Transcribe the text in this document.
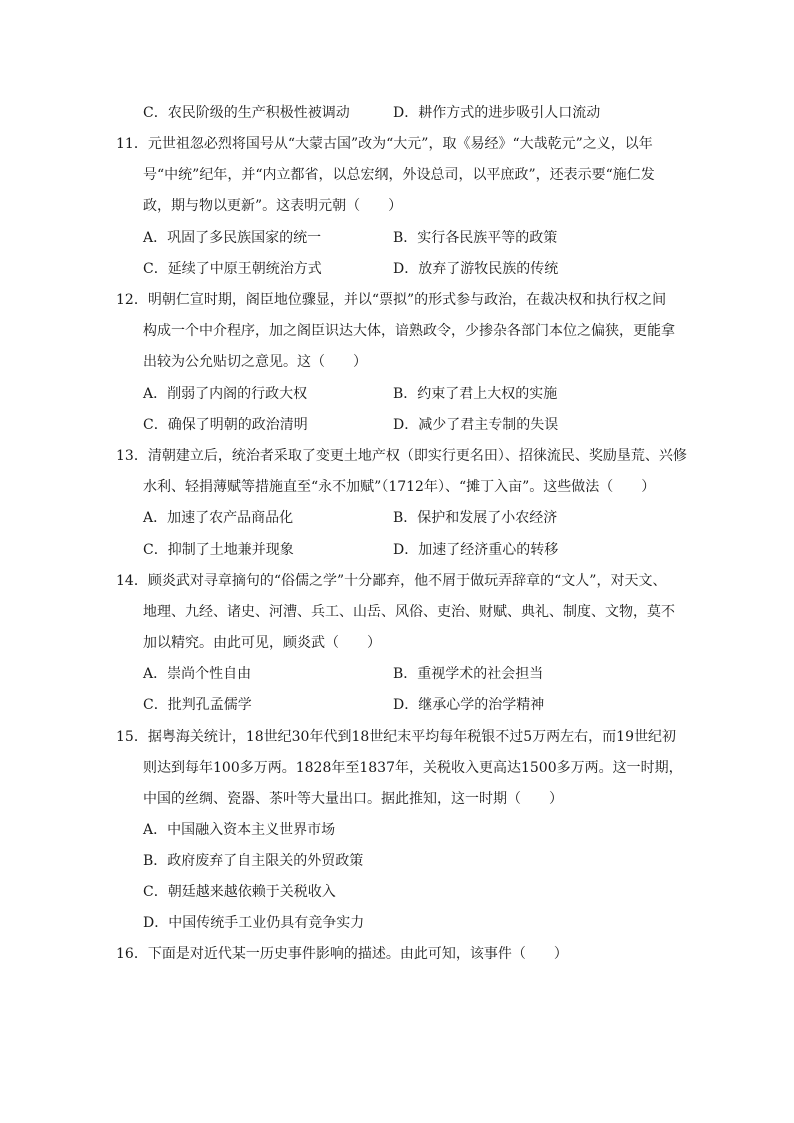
C．农民阶级的生产积极性被调动	D．耕作方式的进步吸引人口流动
11．元世祖忽必烈将国号从“大蒙古国”改为“大元”，取《易经》“大哉乾元”之义，以年
号“中统”纪年，并“内立都省，以总宏纲，外设总司，以平庶政”，还表示要“施仁发
政，期与物以更新”。这表明元朝（　　）
A．巩固了多民族国家的统一	B．实行各民族平等的政策
C．延续了中原王朝统治方式	D．放弃了游牧民族的传统
12．明朝仁宣时期，阁臣地位骤显，并以“票拟”的形式参与政治，在裁决权和执行权之间
构成一个中介程序，加之阁臣识达大体，谙熟政令，少掺杂各部门本位之偏狭，更能拿
出较为公允贴切之意见。这（　　）
A．削弱了内阁的行政大权	B．约束了君上大权的实施
C．确保了明朝的政治清明	D．减少了君主专制的失误
13．清朝建立后，统治者采取了变更土地产权（即实行更名田）、招徕流民、奖励垦荒、兴修
水利、轻捐薄赋等措施直至“永不加赋”（1712年）、“摊丁入亩”。这些做法（　　）
A．加速了农产品商品化	B．保护和发展了小农经济
C．抑制了土地兼并现象	D．加速了经济重心的转移
14．顾炎武对寻章摘句的“俗儒之学”十分鄙弃，他不屑于做玩弄辞章的“文人”，对天文、
地理、九经、诸史、河漕、兵工、山岳、风俗、吏治、财赋、典礼、制度、文物，莫不
加以精究。由此可见，顾炎武（　　）
A．崇尚个性自由	B．重视学术的社会担当
C．批判孔孟儒学	D．继承心学的治学精神
15．据粤海关统计，18世纪30年代到18世纪末平均每年税银不过5万两左右，而19世纪初
则达到每年100多万两。1828年至1837年，关税收入更高达1500多万两。这一时期，
中国的丝绸、瓷器、茶叶等大量出口。据此推知，这一时期（　　）
A．中国融入资本主义世界市场
B．政府废弃了自主限关的外贸政策
C．朝廷越来越依赖于关税收入
D．中国传统手工业仍具有竞争实力
16．下面是对近代某一历史事件影响的描述。由此可知，该事件（　　）
